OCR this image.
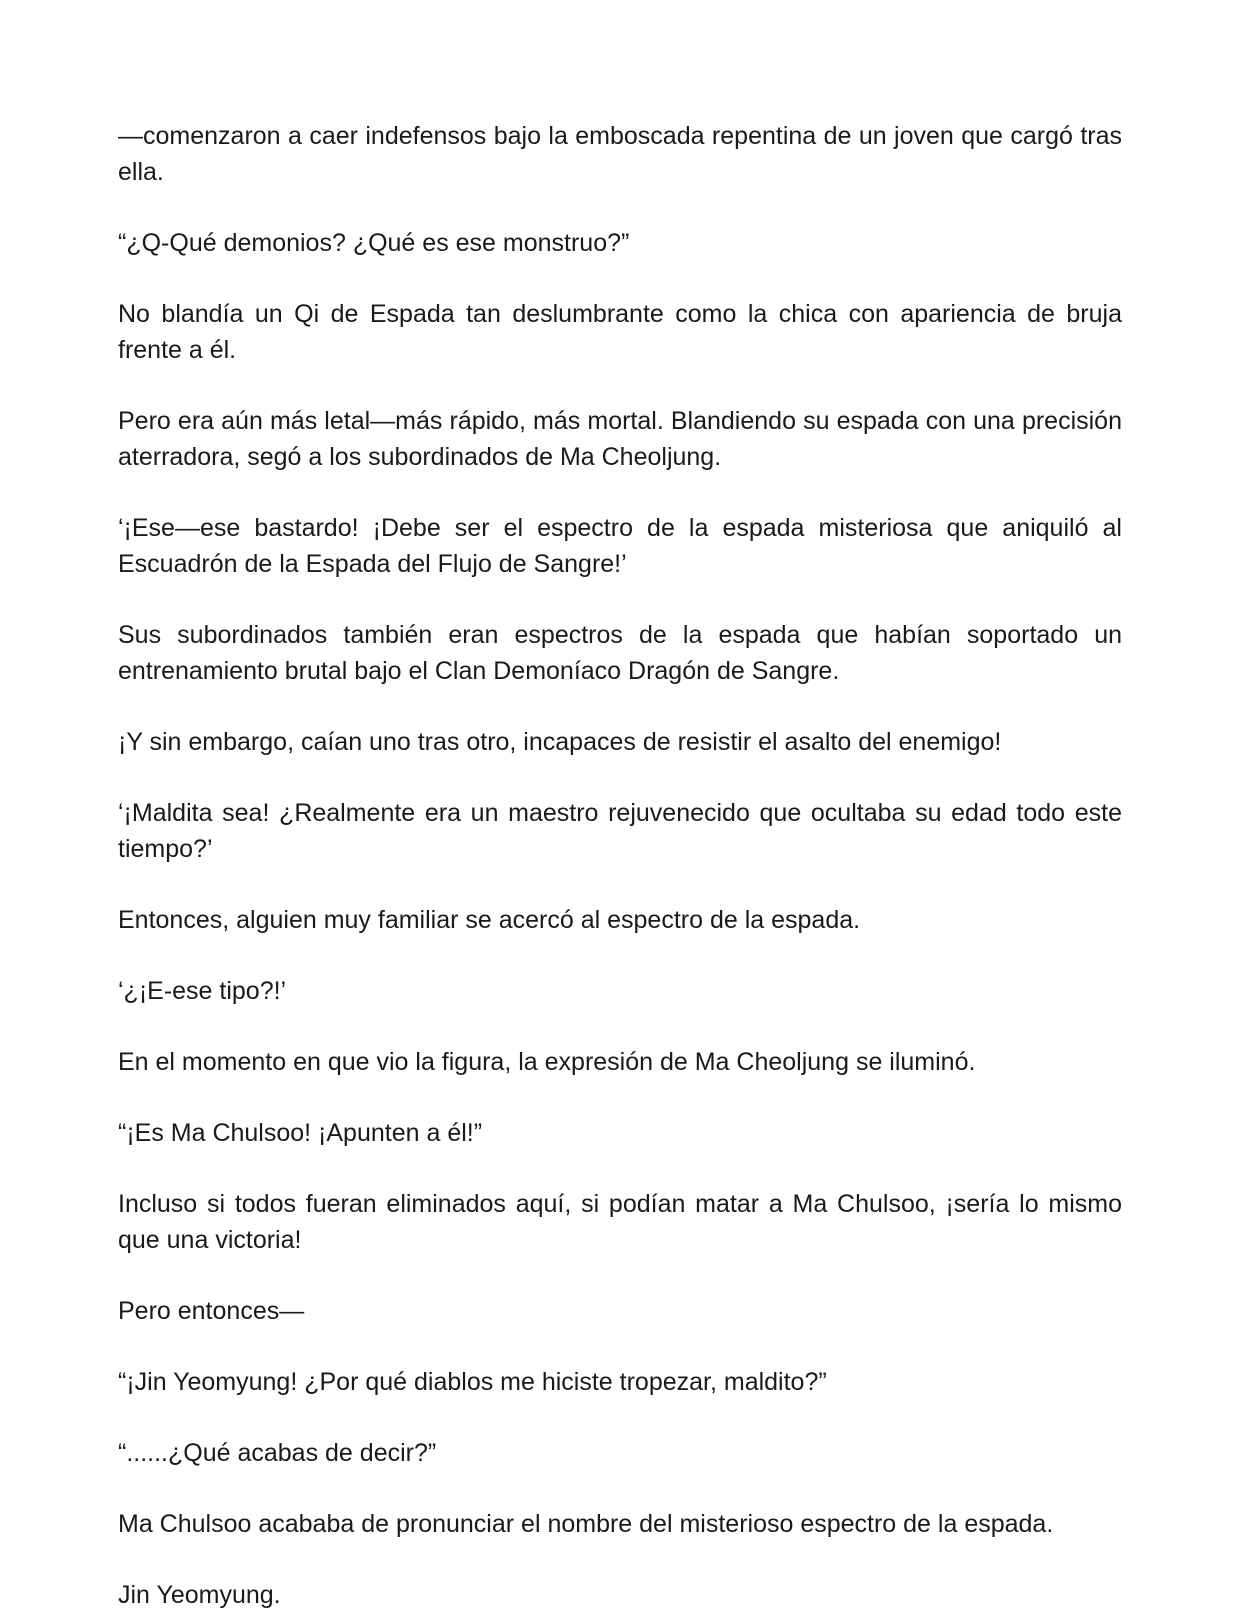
—comenzaron a caer indefensos bajo la emboscada repentina de un joven que cargó tras ella.

“¿Q-Qué demonios? ¿Qué es ese monstruo?”

No blandía un Qi de Espada tan deslumbrante como la chica con apariencia de bruja frente a él.

Pero era aún más letal—más rápido, más mortal. Blandiendo su espada con una precisión aterradora, segó a los subordinados de Ma Cheoljung.

‘¡Ese—ese bastardo! ¡Debe ser el espectro de la espada misteriosa que aniquiló al Escuadrón de la Espada del Flujo de Sangre!’

Sus subordinados también eran espectros de la espada que habían soportado un entrenamiento brutal bajo el Clan Demoníaco Dragón de Sangre.

¡Y sin embargo, caían uno tras otro, incapaces de resistir el asalto del enemigo!

‘¡Maldita sea! ¿Realmente era un maestro rejuvenecido que ocultaba su edad todo este tiempo?’

Entonces, alguien muy familiar se acercó al espectro de la espada.

‘¿¡E-ese tipo?!’

En el momento en que vio la figura, la expresión de Ma Cheoljung se iluminó.

“¡Es Ma Chulsoo! ¡Apunten a él!”

Incluso si todos fueran eliminados aquí, si podían matar a Ma Chulsoo, ¡sería lo mismo que una victoria!

Pero entonces—

“¡Jin Yeomyung! ¿Por qué diablos me hiciste tropezar, maldito?”

“......¿Qué acabas de decir?”

Ma Chulsoo acababa de pronunciar el nombre del misterioso espectro de la espada.

Jin Yeomyung.
